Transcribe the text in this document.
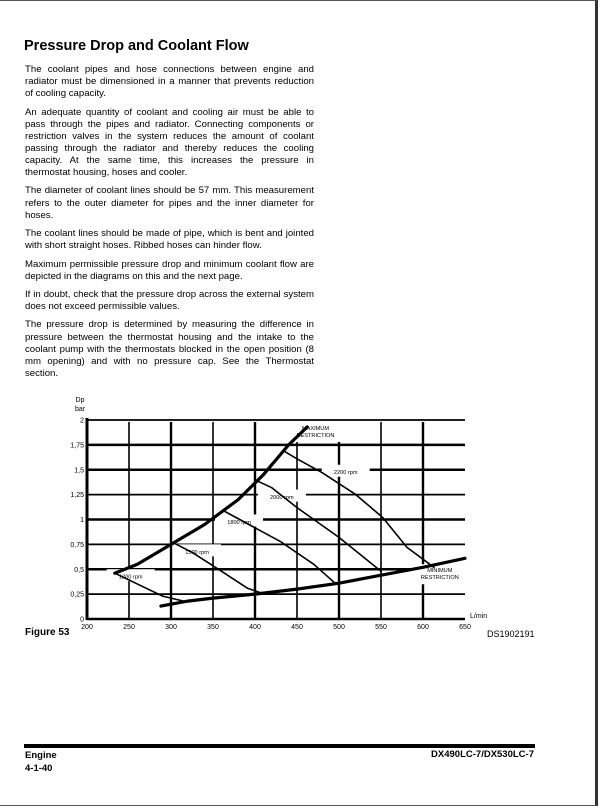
Pressure Drop and Coolant Flow

The coolant pipes and hose connections between engine and radiator must be dimensioned in a manner that prevents reduction of cooling capacity.

An adequate quantity of coolant and cooling air must be able to pass through the pipes and radiator. Connecting components or restriction valves in the system reduces the amount of coolant passing through the radiator and thereby reduces the cooling capacity. At the same time, this increases the pressure in thermostat housing, hoses and cooler.

The diameter of coolant lines should be 57 mm. This measurement refers to the outer diameter for pipes and the inner diameter for hoses.

The coolant lines should be made of pipe, which is bent and jointed with short straight hoses. Ribbed hoses can hinder flow.

Maximum permissible pressure drop and minimum coolant flow are depicted in the diagrams on this and the next page.

If in doubt, check that the pressure drop across the external system does not exceed permissible values.

The pressure drop is determined by measuring the difference in pressure between the thermostat housing and the intake to the coolant pump with the thermostats blocked in the open position (8 mm opening) and with no pressure cap. See the Thermostat section.

1200 rpm
1500 rpm
1800 rpm
2000 rpm
2200 rpm
MAXIMUM
RESTRICTION
MINIMUM
RESTRICTION
0
0,25
0,5
0,75
1
1,25
1,5
1,75
2
200	250	300	350	400	450	500	550	600	650
Dp
bar
L/min
Figure 53	DS1902191
Engine
4-1-40
DX490LC-7/DX530LC-7
